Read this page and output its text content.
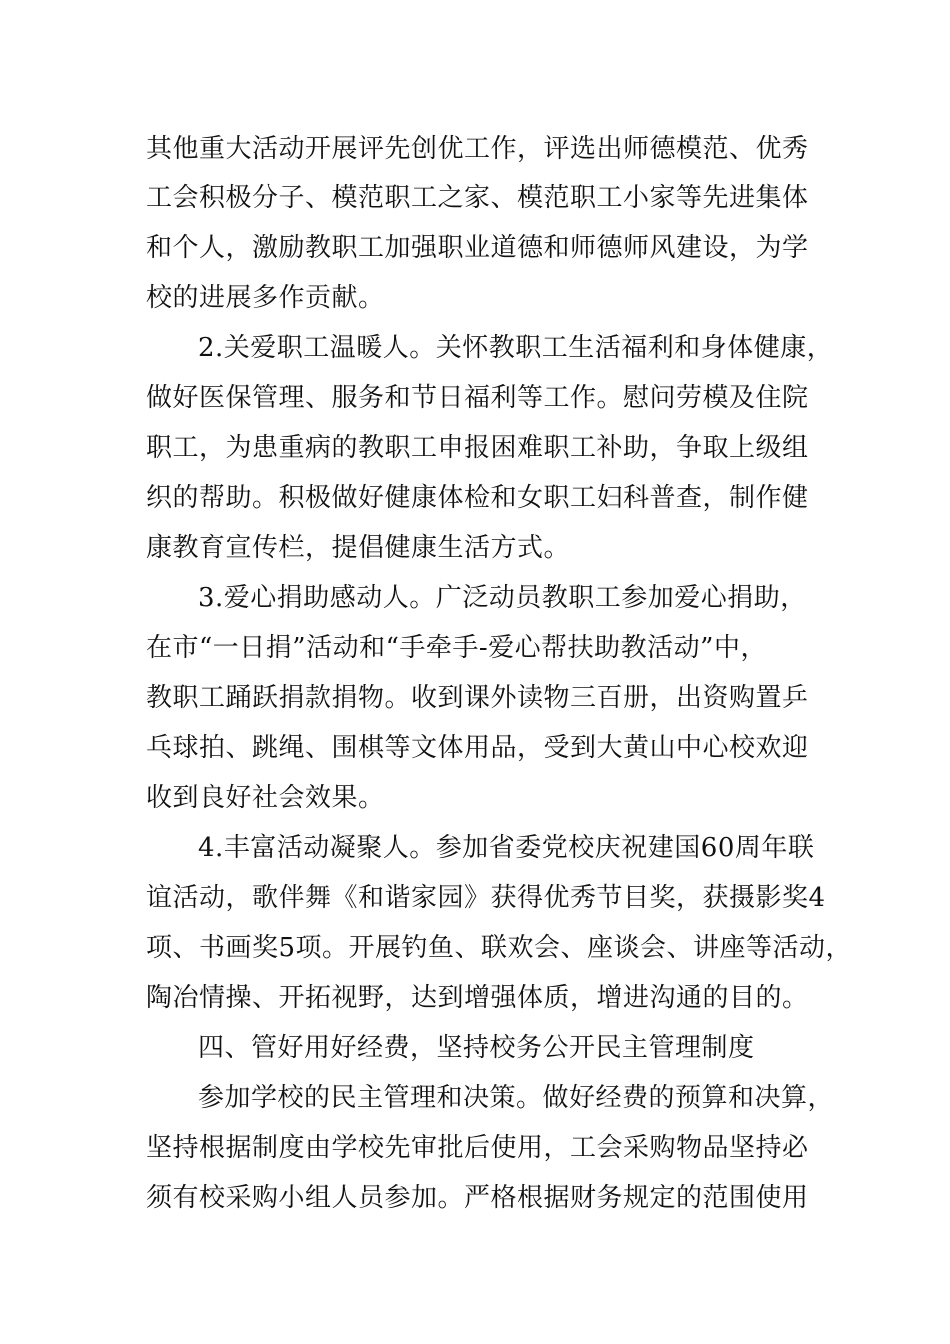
其他重大活动开展评先创优工作，评选出师德模范、优秀
工会积极分子、模范职工之家、模范职工小家等先进集体
和个人，激励教职工加强职业道德和师德师风建设，为学
校的进展多作贡献。
2.关爱职工温暖人。关怀教职工生活福利和身体健康，
做好医保管理、服务和节日福利等工作。慰问劳模及住院
职工，为患重病的教职工申报困难职工补助，争取上级组
织的帮助。积极做好健康体检和女职工妇科普查，制作健
康教育宣传栏，提倡健康生活方式。
3.爱心捐助感动人。广泛动员教职工参加爱心捐助，
在市“一日捐”活动和“手牵手-爱心帮扶助教活动”中，
教职工踊跃捐款捐物。收到课外读物三百册，出资购置乒
乓球拍、跳绳、围棋等文体用品，受到大黄山中心校欢迎
收到良好社会效果。
4.丰富活动凝聚人。参加省委党校庆祝建国60周年联
谊活动，歌伴舞《和谐家园》获得优秀节目奖，获摄影奖4
项、书画奖5项。开展钓鱼、联欢会、座谈会、讲座等活动，
陶冶情操、开拓视野，达到增强体质，增进沟通的目的。
四、管好用好经费，坚持校务公开民主管理制度
参加学校的民主管理和决策。做好经费的预算和决算，
坚持根据制度由学校先审批后使用，工会采购物品坚持必
须有校采购小组人员参加。严格根据财务规定的范围使用
